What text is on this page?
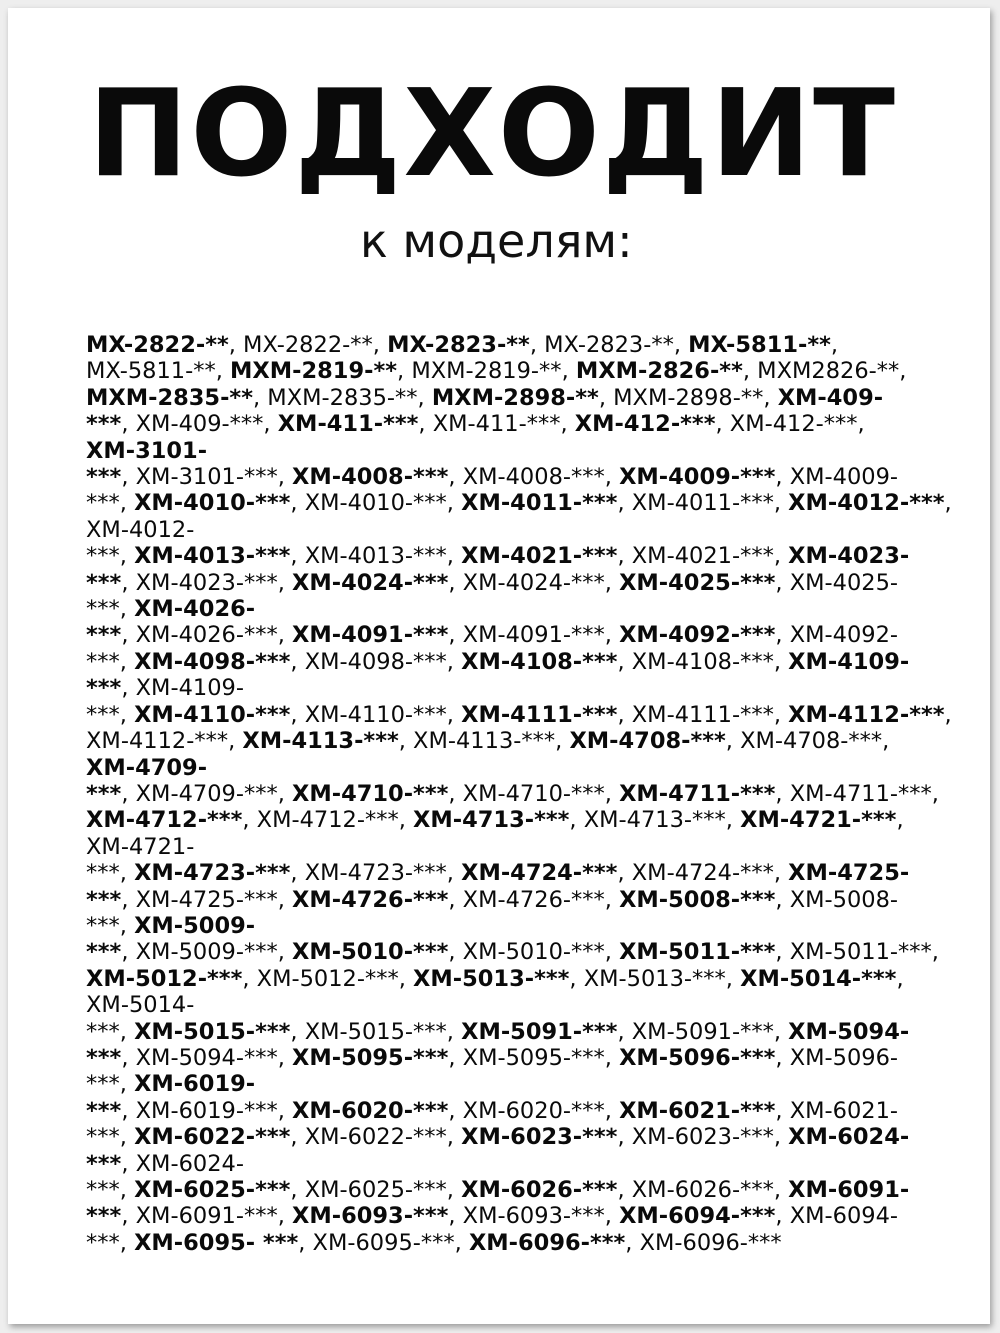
ПОДХОДИТ
к моделям:
MX-2822-**, MX-2822-**, MX-2823-**, MX-2823-**, MX-5811-**,
MX-5811-**, MXM-2819-**, MXM-2819-**, MXM-2826-**, MXM2826-**,
MXM-2835-**, MXM-2835-**, MXM-2898-**, MXM-2898-**, XM-409-
***, XM-409-***, XM-411-***, XM-411-***, XM-412-***, XM-412-***,
XM-3101-
***, XM-3101-***, XM-4008-***, XM-4008-***, XM-4009-***, XM-4009-
***, XM-4010-***, XM-4010-***, XM-4011-***, XM-4011-***, XM-4012-***,
XM-4012-
***, XM-4013-***, XM-4013-***, XM-4021-***, XM-4021-***, XM-4023-
***, XM-4023-***, XM-4024-***, XM-4024-***, XM-4025-***, XM-4025-
***, XM-4026-
***, XM-4026-***, XM-4091-***, XM-4091-***, XM-4092-***, XM-4092-
***, XM-4098-***, XM-4098-***, XM-4108-***, XM-4108-***, XM-4109-
***, XM-4109-
***, XM-4110-***, XM-4110-***, XM-4111-***, XM-4111-***, XM-4112-***,
XM-4112-***, XM-4113-***, XM-4113-***, XM-4708-***, XM-4708-***,
XM-4709-
***, XM-4709-***, XM-4710-***, XM-4710-***, XM-4711-***, XM-4711-***,
XM-4712-***, XM-4712-***, XM-4713-***, XM-4713-***, XM-4721-***,
XM-4721-
***, XM-4723-***, XM-4723-***, XM-4724-***, XM-4724-***, XM-4725-
***, XM-4725-***, XM-4726-***, XM-4726-***, XM-5008-***, XM-5008-
***, XM-5009-
***, XM-5009-***, XM-5010-***, XM-5010-***, XM-5011-***, XM-5011-***,
XM-5012-***, XM-5012-***, XM-5013-***, XM-5013-***, XM-5014-***,
XM-5014-
***, XM-5015-***, XM-5015-***, XM-5091-***, XM-5091-***, XM-5094-
***, XM-5094-***, XM-5095-***, XM-5095-***, XM-5096-***, XM-5096-
***, XM-6019-
***, XM-6019-***, XM-6020-***, XM-6020-***, XM-6021-***, XM-6021-
***, XM-6022-***, XM-6022-***, XM-6023-***, XM-6023-***, XM-6024-
***, XM-6024-
***, XM-6025-***, XM-6025-***, XM-6026-***, XM-6026-***, XM-6091-
***, XM-6091-***, XM-6093-***, XM-6093-***, XM-6094-***, XM-6094-
***, XM-6095- ***, XM-6095-***, XM-6096-***, XM-6096-***
